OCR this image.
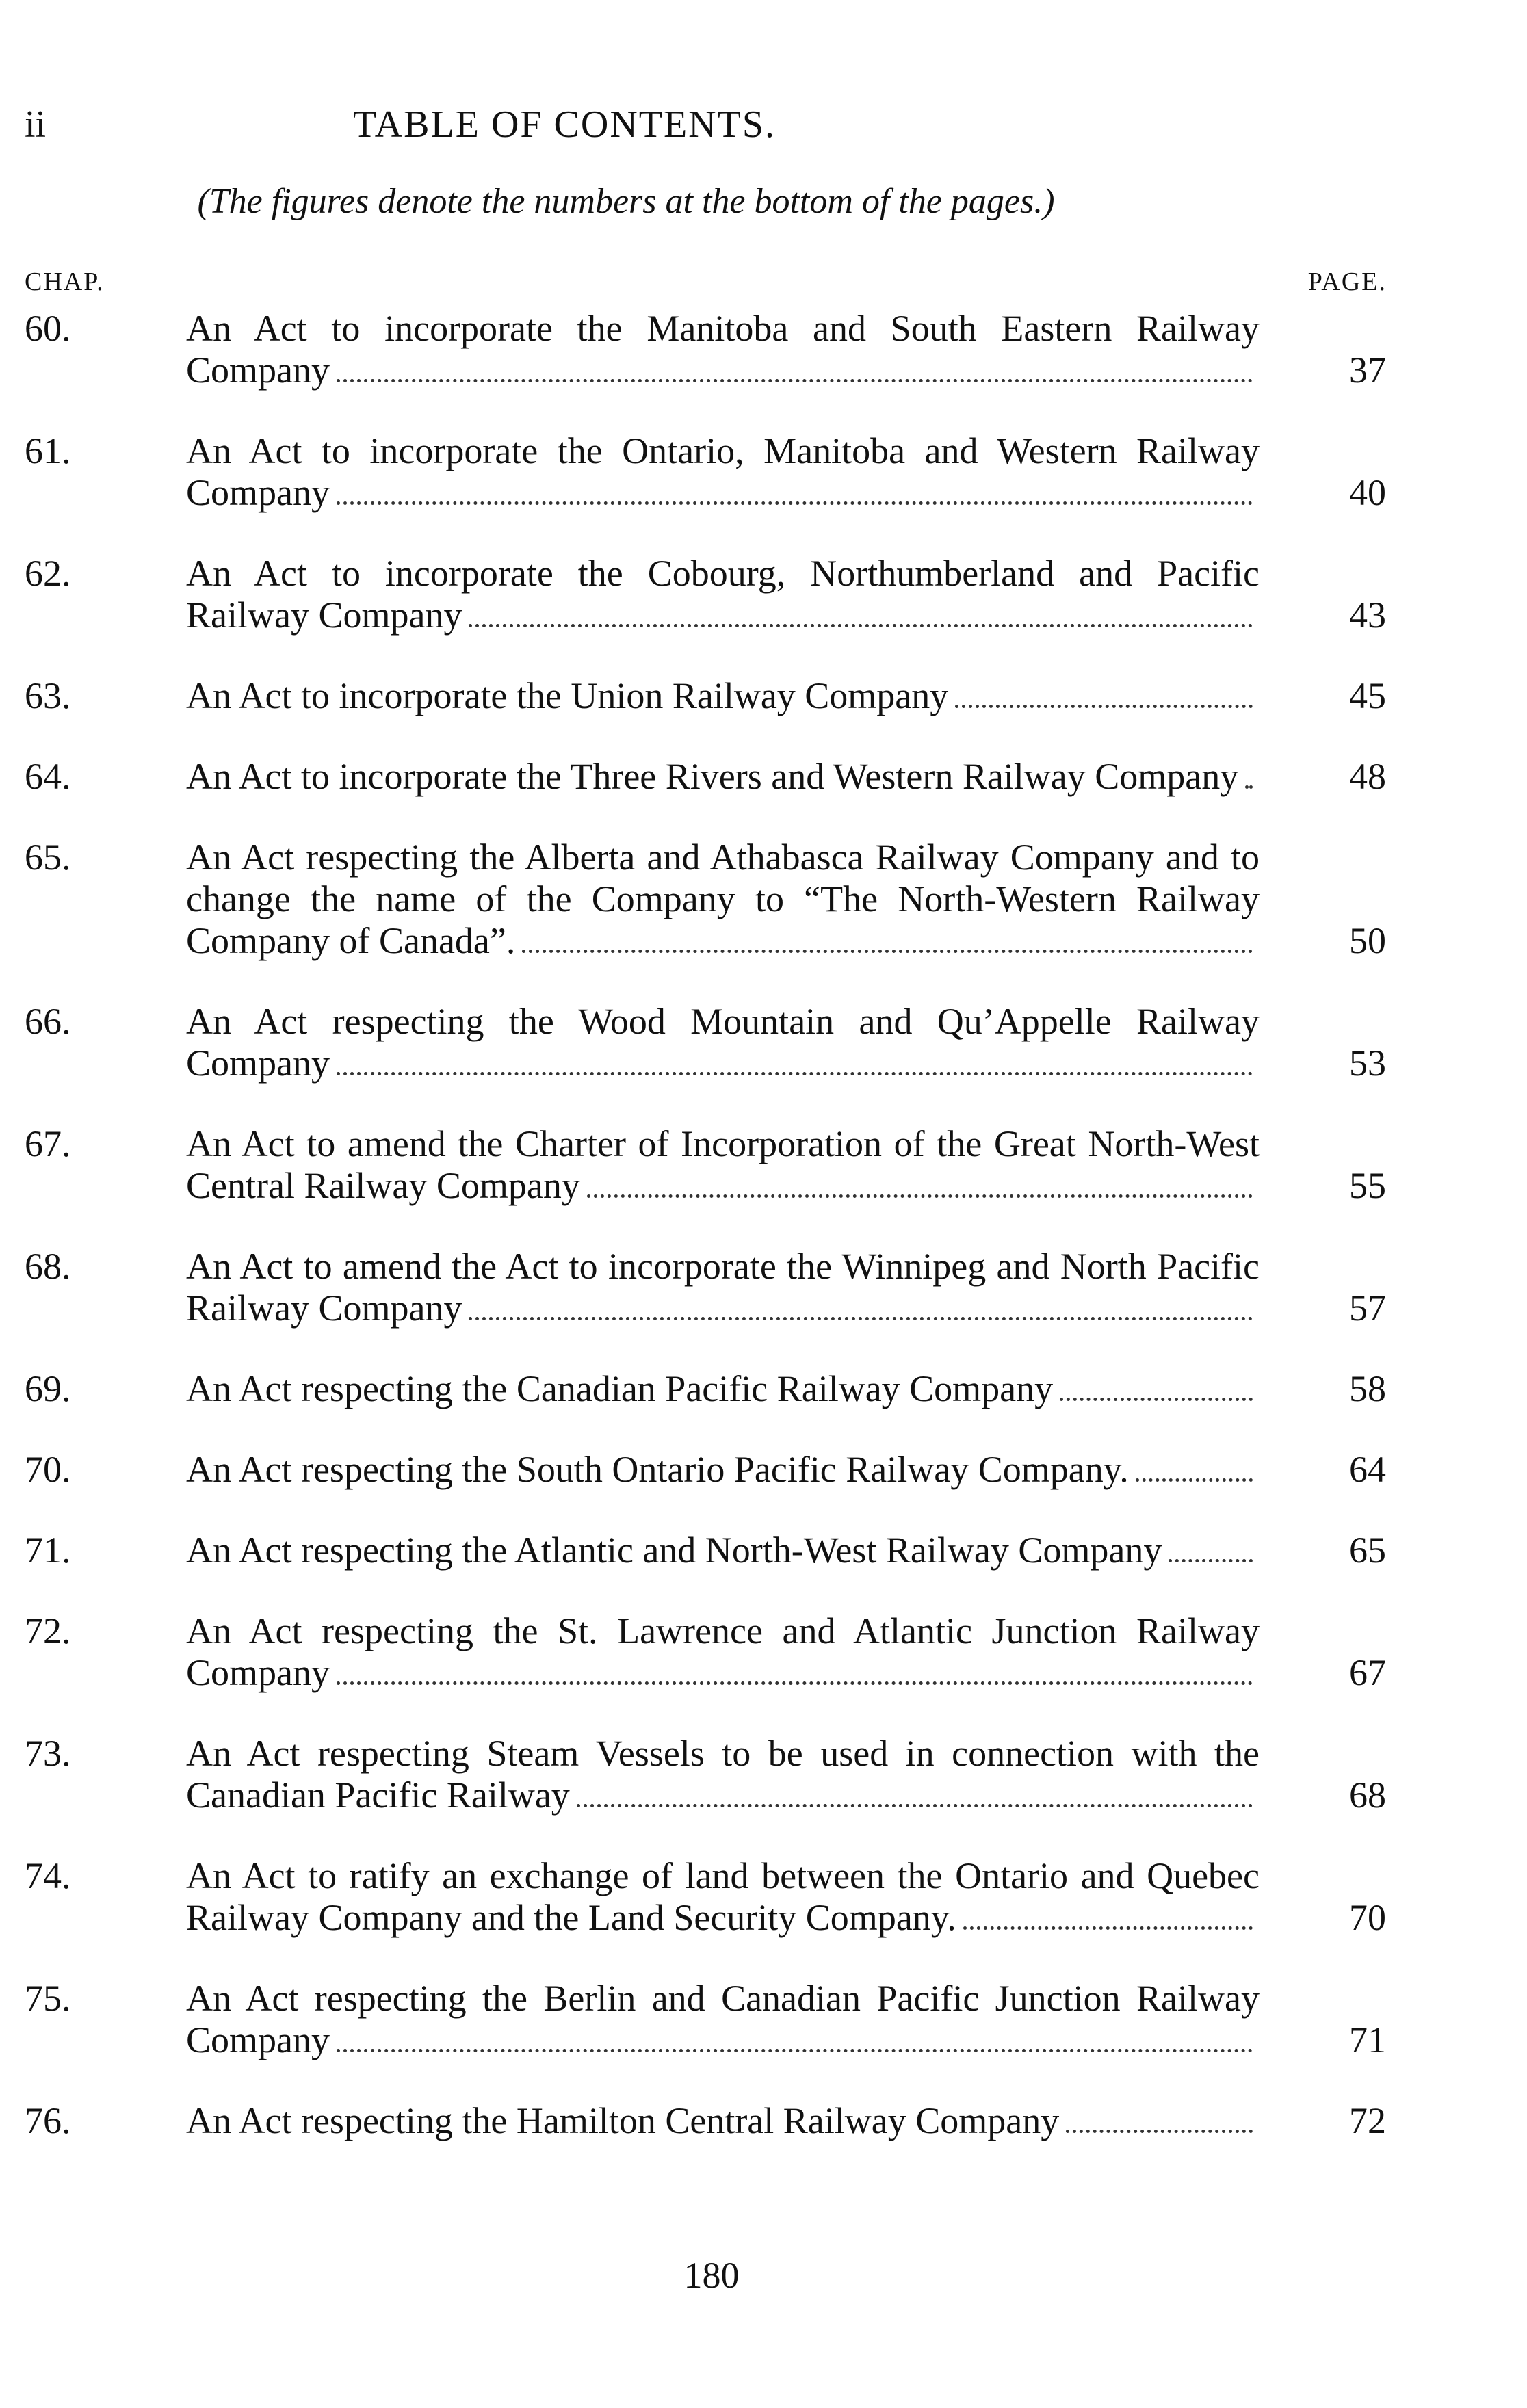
ii	TABLE OF CONTENTS.
(The figures denote the numbers at the bottom of the pages.)
CHAP.	PAGE.
60.	An Act to incorporate the Manitoba and South Eastern Railway Company	37
61.	An Act to incorporate the Ontario, Manitoba and Western Railway Company	40
62.	An Act to incorporate the Cobourg, Northumberland and Pacific Railway Company	43
63.	An Act to incorporate the Union Railway Company	45
64.	An Act to incorporate the Three Rivers and Western Railway Company	48
65.	An Act respecting the Alberta and Athabasca Railway Company and to change the name of the Company to “The North-Western Railway Company of Canada”.	50
66.	An Act respecting the Wood Mountain and Qu’Appelle Railway Company	53
67.	An Act to amend the Charter of Incorporation of the Great North-West Central Railway Company	55
68.	An Act to amend the Act to incorporate the Winnipeg and North Pacific Railway Company	57
69.	An Act respecting the Canadian Pacific Railway Company	58
70.	An Act respecting the South Ontario Pacific Railway Company.	64
71.	An Act respecting the Atlantic and North-West Railway Company	65
72.	An Act respecting the St. Lawrence and Atlantic Junction Railway Company	67
73.	An Act respecting Steam Vessels to be used in connection with the Canadian Pacific Railway	68
74.	An Act to ratify an exchange of land between the Ontario and Quebec Railway Company and the Land Security Company.	70
75.	An Act respecting the Berlin and Canadian Pacific Junction Railway Company	71
76.	An Act respecting the Hamilton Central Railway Company	72
180
